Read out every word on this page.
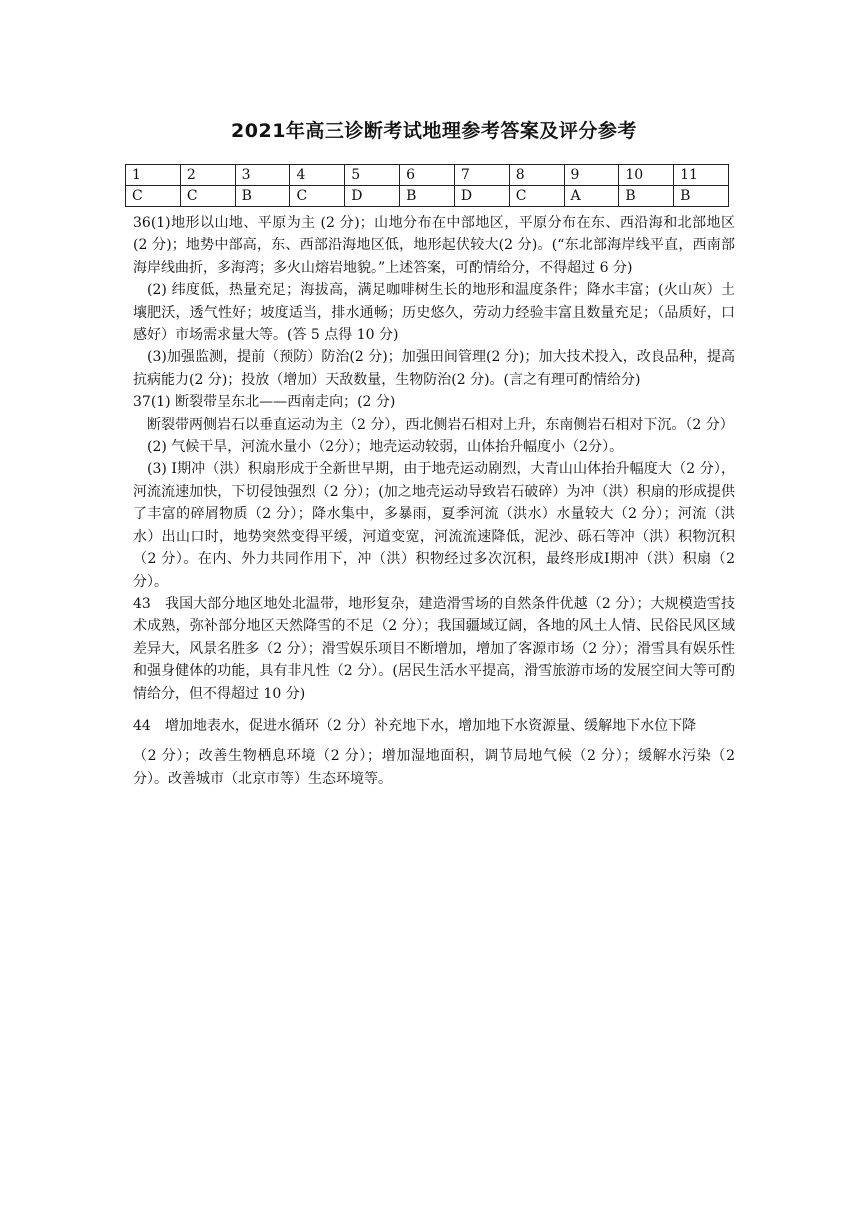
2021年高三诊断考试地理参考答案及评分参考
1	2	3	4	5	6	7	8	9	10	11
C	C	B	C	D	B	D	C	A	B	B

36(1)地形以山地、平原为主 (2 分)；山地分布在中部地区，平原分布在东、西沿海和北部地区 (2 分)；地势中部高，东、西部沿海地区低，地形起伏较大(2 分)。(“东北部海岸线平直，西南部海岸线曲折，多海湾；多火山熔岩地貌。”上述答案，可酌情给分，不得超过 6 分)

(2) 纬度低，热量充足；海拔高，满足咖啡树生长的地形和温度条件；降水丰富；(火山灰）土壤肥沃，透气性好；坡度适当，排水通畅；历史悠久，劳动力经验丰富且数量充足；（品质好，口感好）市场需求量大等。(答 5 点得 10 分)

(3)加强监测，提前（预防）防治(2 分)；加强田间管理(2 分)；加大技术投入，改良品种，提高抗病能力(2 分)；投放（增加）天敌数量，生物防治(2 分)。(言之有理可酌情给分)

37(1) 断裂带呈东北——西南走向；(2 分)

断裂带两侧岩石以垂直运动为主（2 分），西北侧岩石相对上升，东南侧岩石相对下沉。（2 分）

(2) 气候干旱，河流水量小（2分）；地壳运动较弱，山体抬升幅度小（2分）。

(3) Ⅰ期冲（洪）积扇形成于全新世早期，由于地壳运动剧烈，大青山山体抬升幅度大（2 分），河流流速加快，下切侵蚀强烈（2 分）；(加之地壳运动导致岩石破碎）为冲（洪）积扇的形成提供了丰富的碎屑物质（2 分）；降水集中，多暴雨，夏季河流（洪水）水量较大（2 分）；河流（洪水）出山口时，地势突然变得平缓，河道变宽，河流流速降低，泥沙、砾石等冲（洪）积物沉积（2 分）。在内、外力共同作用下，冲（洪）积物经过多次沉积，最终形成Ⅰ期冲（洪）积扇（2 分）。

43　我国大部分地区地处北温带，地形复杂，建造滑雪场的自然条件优越（2 分）；大规模造雪技术成熟，弥补部分地区天然降雪的不足（2 分）；我国疆域辽阔，各地的风土人情、民俗民风区域差异大，风景名胜多（2 分）；滑雪娱乐项目不断增加，增加了客源市场（2 分）；滑雪具有娱乐性和强身健体的功能，具有非凡性（2 分）。(居民生活水平提高，滑雪旅游市场的发展空间大等可酌情给分，但不得超过 10 分)

44　增加地表水，促进水循环（2 分）补充地下水，增加地下水资源量、缓解地下水位下降

（2 分）；改善生物栖息环境（2 分）；增加湿地面积，调节局地气候（2 分）；缓解水污染（2 分）。改善城市（北京市等）生态环境等。
